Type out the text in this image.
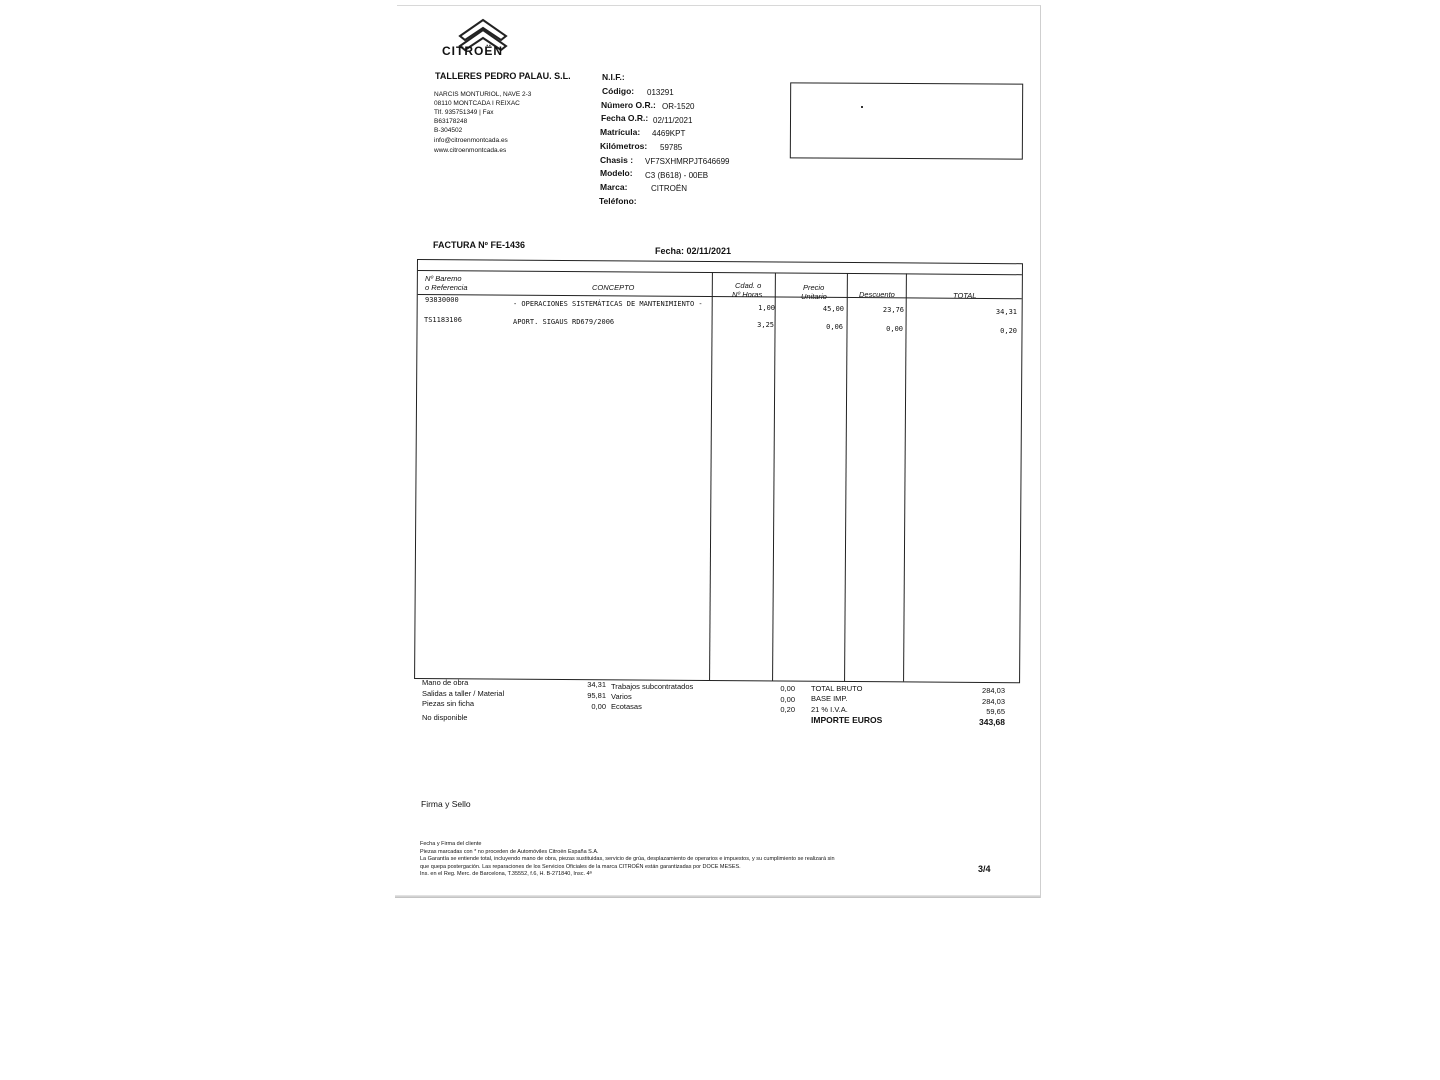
CITROËN
TALLERES PEDRO PALAU. S.L.
NARCIS MONTURIOL, NAVE 2-3
08110 MONTCADA I REIXAC
Tlf. 935751349 | Fax
B63178248
B-304502
info@citroenmontcada.es
www.citroenmontcada.es
N.I.F.:
Código: 013291
Número O.R.: OR-1520
Fecha O.R.: 02/11/2021
Matrícula: 4469KPT
Kilómetros: 59785
Chasis : VF7SXHMRPJT646699
Modelo: C3 (B618) - 00EB
Marca:	CITROËN
Teléfono:
FACTURA Nº FE-1436
Fecha: 02/11/2021
Nº Baremo
o Referencia	CONCEPTO	Cdad. o
Nº Horas
Precio
Unitario	Descuento	TOTAL
93830000	- OPERACIONES SISTEMÁTICAS DE MANTENIMIENTO -	1,00	45,00	23,76	34,31
TS1183106	APORT. SIGAUS RD679/2006	3,25	0,06	0,00	0,20
Mano de obra	34,31
Salidas a taller / Material	95,81
Piezas sin ficha	0,00
No disponible
Trabajos subcontratados	0,00
Varios	0,00
Ecotasas	0,20
TOTAL BRUTO	284,03
BASE IMP.	284,03
21 % I.V.A.	59,65
IMPORTE EUROS	343,68
Firma y Sello
Fecha y Firma del cliente
Piezas marcadas con * no proceden de Automóviles Citroën España S.A.
La Garantía se entiende total, incluyendo mano de obra, piezas sustituidas, servicio de grúa, desplazamiento de operarios e impuestos, y su cumplimiento se realizará sin
que quepa postergación. Las reparaciones de los Servicios Oficiales de la marca CITROËN están garantizadas por DOCE MESES.
Ins. en el Reg. Merc. de Barcelona, T.35552, f.6, H. B-271840, Insc. 4ª	3/4
